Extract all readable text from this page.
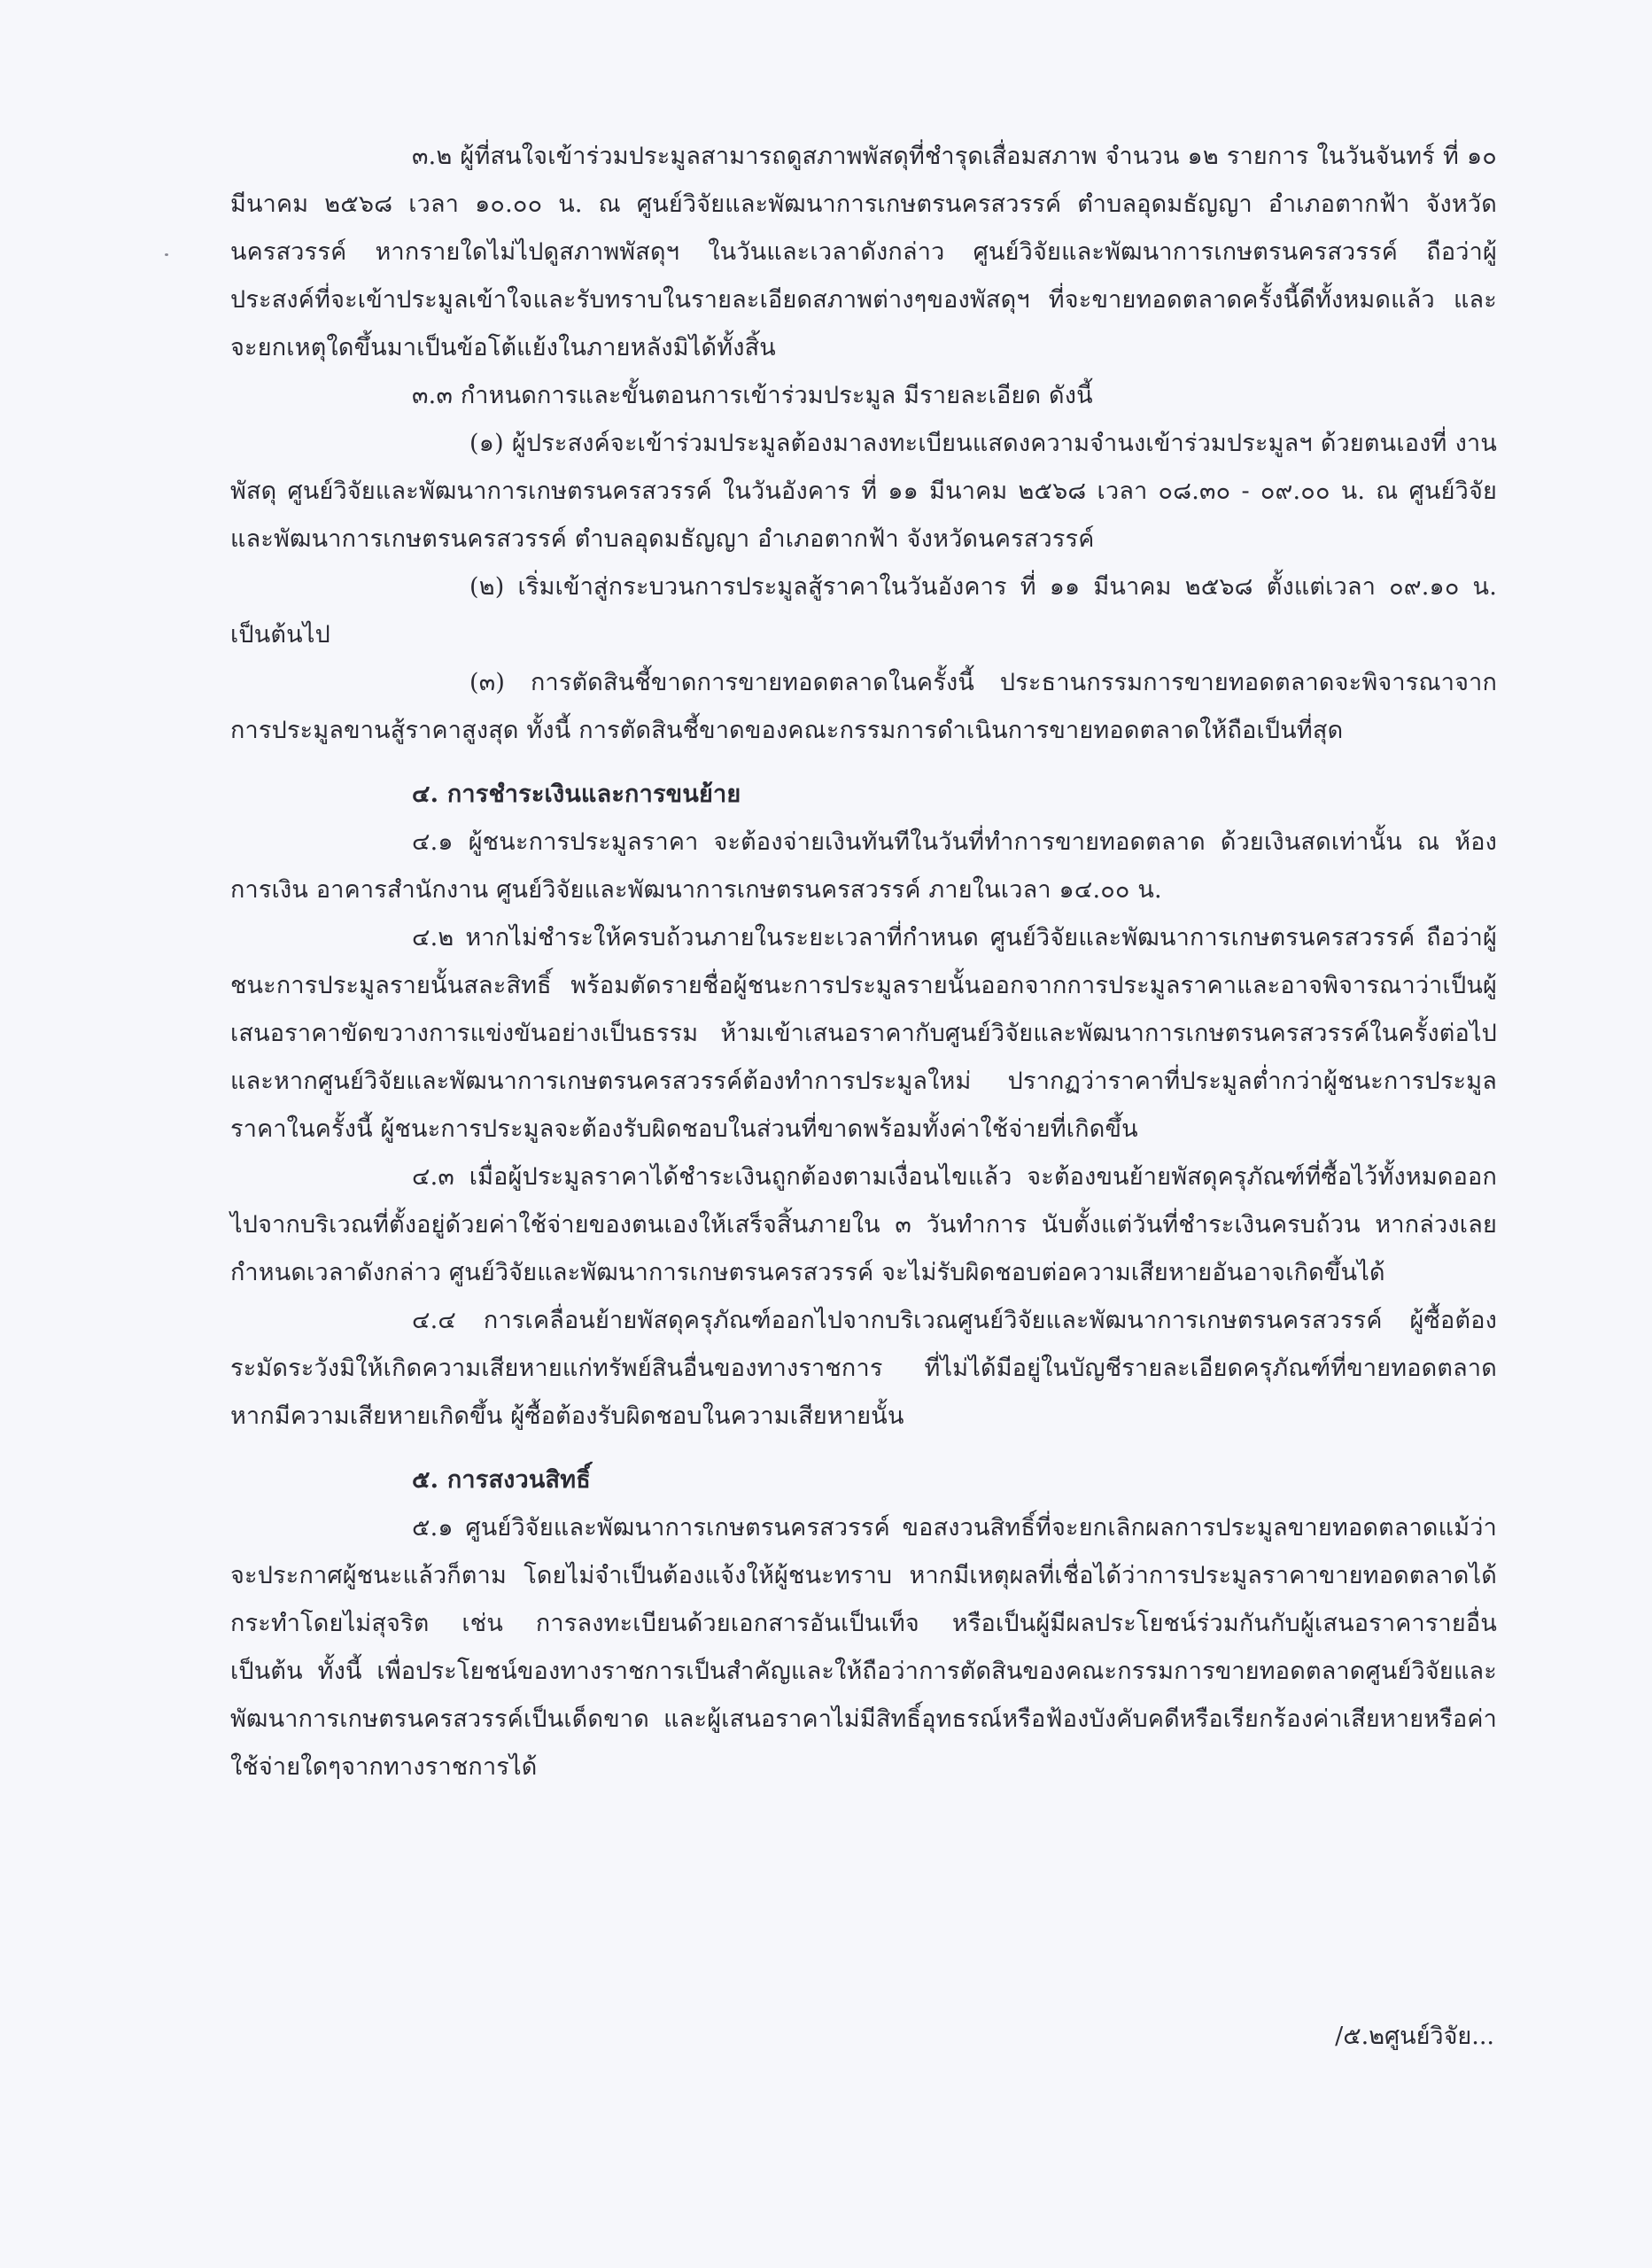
๓.๒ ผู้ที่สนใจเข้าร่วมประมูลสามารถดูสภาพพัสดุที่ชำรุดเสื่อมสภาพ จำนวน ๑๒ รายการ ในวันจันทร์ ที่ ๑๐ มีนาคม ๒๕๖๘ เวลา ๑๐.๐๐ น. ณ ศูนย์วิจัยและพัฒนาการเกษตรนครสวรรค์ ตำบลอุดมธัญญา อำเภอตากฟ้า จังหวัดนครสวรรค์ หากรายใดไม่ไปดูสภาพพัสดุฯ ในวันและเวลาดังกล่าว ศูนย์วิจัยและพัฒนาการเกษตรนครสวรรค์ ถือว่าผู้ประสงค์ที่จะเข้าประมูลเข้าใจและรับทราบในรายละเอียดสภาพต่างๆของพัสดุฯ ที่จะขายทอดตลาดครั้งนี้ดีทั้งหมดแล้ว และจะยกเหตุใดขึ้นมาเป็นข้อโต้แย้งในภายหลังมิได้ทั้งสิ้น

๓.๓ กำหนดการและขั้นตอนการเข้าร่วมประมูล มีรายละเอียด ดังนี้

(๑) ผู้ประสงค์จะเข้าร่วมประมูลต้องมาลงทะเบียนแสดงความจำนงเข้าร่วมประมูลฯ ด้วยตนเองที่ งานพัสดุ ศูนย์วิจัยและพัฒนาการเกษตรนครสวรรค์ ในวันอังคาร ที่ ๑๑ มีนาคม ๒๕๖๘ เวลา ๐๘.๓๐ - ๐๙.๐๐ น. ณ ศูนย์วิจัยและพัฒนาการเกษตรนครสวรรค์ ตำบลอุดมธัญญา อำเภอตากฟ้า จังหวัดนครสวรรค์

(๒) เริ่มเข้าสู่กระบวนการประมูลสู้ราคาในวันอังคาร ที่ ๑๑ มีนาคม ๒๕๖๘ ตั้งแต่เวลา ๐๙.๑๐ น. เป็นต้นไป

(๓) การตัดสินชี้ขาดการขายทอดตลาดในครั้งนี้ ประธานกรรมการขายทอดตลาดจะพิจารณาจากการประมูลขานสู้ราคาสูงสุด ทั้งนี้ การตัดสินชี้ขาดของคณะกรรมการดำเนินการขายทอดตลาดให้ถือเป็นที่สุด

๔. การชำระเงินและการขนย้าย

๔.๑ ผู้ชนะการประมูลราคา จะต้องจ่ายเงินทันทีในวันที่ทำการขายทอดตลาด ด้วยเงินสดเท่านั้น ณ ห้องการเงิน อาคารสำนักงาน ศูนย์วิจัยและพัฒนาการเกษตรนครสวรรค์ ภายในเวลา ๑๔.๐๐ น.

๔.๒ หากไม่ชำระให้ครบถ้วนภายในระยะเวลาที่กำหนด ศูนย์วิจัยและพัฒนาการเกษตรนครสวรรค์ ถือว่าผู้ชนะการประมูลรายนั้นสละสิทธิ์ พร้อมตัดรายชื่อผู้ชนะการประมูลรายนั้นออกจากการประมูลราคาและอาจพิจารณาว่าเป็นผู้เสนอราคาขัดขวางการแข่งขันอย่างเป็นธรรม ห้ามเข้าเสนอราคากับศูนย์วิจัยและพัฒนาการเกษตรนครสวรรค์ในครั้งต่อไป และหากศูนย์วิจัยและพัฒนาการเกษตรนครสวรรค์ต้องทำการประมูลใหม่ ปรากฏว่าราคาที่ประมูลต่ำกว่าผู้ชนะการประมูลราคาในครั้งนี้ ผู้ชนะการประมูลจะต้องรับผิดชอบในส่วนที่ขาดพร้อมทั้งค่าใช้จ่ายที่เกิดขึ้น

๔.๓ เมื่อผู้ประมูลราคาได้ชำระเงินถูกต้องตามเงื่อนไขแล้ว จะต้องขนย้ายพัสดุครุภัณฑ์ที่ซื้อไว้ทั้งหมดออกไปจากบริเวณที่ตั้งอยู่ด้วยค่าใช้จ่ายของตนเองให้เสร็จสิ้นภายใน ๓ วันทำการ นับตั้งแต่วันที่ชำระเงินครบถ้วน หากล่วงเลยกำหนดเวลาดังกล่าว ศูนย์วิจัยและพัฒนาการเกษตรนครสวรรค์ จะไม่รับผิดชอบต่อความเสียหายอันอาจเกิดขึ้นได้

๔.๔ การเคลื่อนย้ายพัสดุครุภัณฑ์ออกไปจากบริเวณศูนย์วิจัยและพัฒนาการเกษตรนครสวรรค์ ผู้ซื้อต้องระมัดระวังมิให้เกิดความเสียหายแก่ทรัพย์สินอื่นของทางราชการ ที่ไม่ได้มีอยู่ในบัญชีรายละเอียดครุภัณฑ์ที่ขายทอดตลาด หากมีความเสียหายเกิดขึ้น ผู้ซื้อต้องรับผิดชอบในความเสียหายนั้น

๕. การสงวนสิทธิ์

๕.๑ ศูนย์วิจัยและพัฒนาการเกษตรนครสวรรค์ ขอสงวนสิทธิ์ที่จะยกเลิกผลการประมูลขายทอดตลาดแม้ว่าจะประกาศผู้ชนะแล้วก็ตาม โดยไม่จำเป็นต้องแจ้งให้ผู้ชนะทราบ หากมีเหตุผลที่เชื่อได้ว่าการประมูลราคาขายทอดตลาดได้กระทำโดยไม่สุจริต เช่น การลงทะเบียนด้วยเอกสารอันเป็นเท็จ หรือเป็นผู้มีผลประโยชน์ร่วมกันกับผู้เสนอราคารายอื่น เป็นต้น ทั้งนี้ เพื่อประโยชน์ของทางราชการเป็นสำคัญและให้ถือว่าการตัดสินของคณะกรรมการขายทอดตลาดศูนย์วิจัยและพัฒนาการเกษตรนครสวรรค์เป็นเด็ดขาด และผู้เสนอราคาไม่มีสิทธิ์อุทธรณ์หรือฟ้องบังคับคดีหรือเรียกร้องค่าเสียหายหรือค่าใช้จ่ายใดๆจากทางราชการได้

/๕.๒ศูนย์วิจัย...
